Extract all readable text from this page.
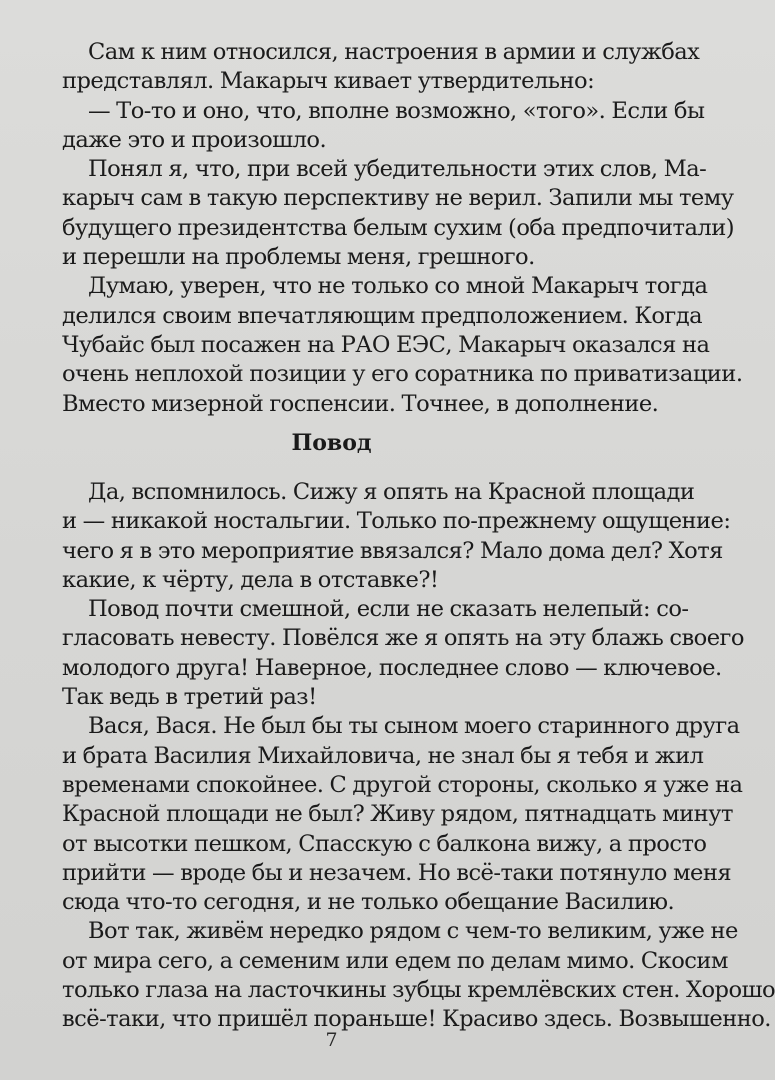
Сам к ним относился, настроения в армии и службах
представлял. Макарыч кивает утвердительно:

— То-то и оно, что, вполне возможно, «того». Если бы
даже это и произошло.

Понял я, что, при всей убедительности этих слов, Ма-
карыч сам в такую перспективу не верил. Запили мы тему
будущего президентства белым сухим (оба предпочитали)
и перешли на проблемы меня, грешного.

Думаю, уверен, что не только со мной Макарыч тогда
делился своим впечатляющим предположением. Когда
Чубайс был посажен на РАО ЕЭС, Макарыч оказался на
очень неплохой позиции у его соратника по приватизации.
Вместо мизерной госпенсии. Точнее, в дополнение.

Повод

Да, вспомнилось. Сижу я опять на Красной площади
и — никакой ностальгии. Только по-прежнему ощущение:
чего я в это мероприятие ввязался? Мало дома дел? Хотя
какие, к чёрту, дела в отставке?!

Повод почти смешной, если не сказать нелепый: со-
гласовать невесту. Повёлся же я опять на эту блажь своего
молодого друга! Наверное, последнее слово — ключевое.
Так ведь в третий раз!

Вася, Вася. Не был бы ты сыном моего старинного друга
и брата Василия Михайловича, не знал бы я тебя и жил
временами спокойнее. С другой стороны, сколько я уже на
Красной площади не был? Живу рядом, пятнадцать минут
от высотки пешком, Спасскую с балкона вижу, а просто
прийти — вроде бы и незачем. Но всё-таки потянуло меня
сюда что-то сегодня, и не только обещание Василию.

Вот так, живём нередко рядом с чем-то великим, уже не
от мира сего, а семеним или едем по делам мимо. Скосим
только глаза на ласточкины зубцы кремлёвских стен. Хорошо
всё-таки, что пришёл пораньше! Красиво здесь. Возвышенно.

7
